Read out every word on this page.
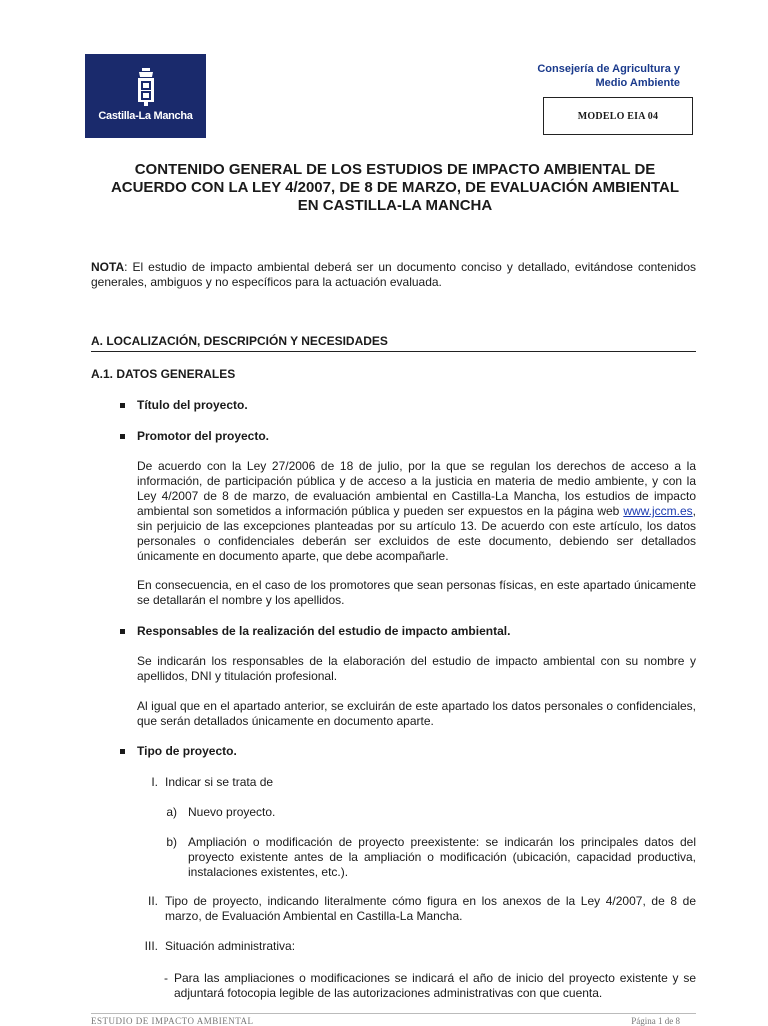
Castilla-La Mancha
Consejería de Agricultura y
Medio Ambiente
MODELO EIA 04
CONTENIDO GENERAL DE LOS ESTUDIOS DE IMPACTO AMBIENTAL DE
ACUERDO CON LA LEY 4/2007, DE 8 DE MARZO, DE EVALUACIÓN AMBIENTAL
EN CASTILLA-LA MANCHA
NOTA: El estudio de impacto ambiental deberá ser un documento conciso y detallado, evitándose contenidos generales, ambiguos y no específicos para la actuación evaluada.
A. LOCALIZACIÓN, DESCRIPCIÓN Y NECESIDADES
A.1. DATOS GENERALES
Título del proyecto.
Promotor del proyecto.
De acuerdo con la Ley 27/2006 de 18 de julio, por la que se regulan los derechos de acceso a la información, de participación pública y de acceso a la justicia en materia de medio ambiente, y con la Ley 4/2007 de 8 de marzo, de evaluación ambiental en Castilla-La Mancha, los estudios de impacto ambiental son sometidos a información pública y pueden ser expuestos en la página web www.jccm.es, sin perjuicio de las excepciones planteadas por su artículo 13. De acuerdo con este artículo, los datos personales o confidenciales deberán ser excluidos de este documento, debiendo ser detallados únicamente en documento aparte, que debe acompañarle.
En consecuencia, en el caso de los promotores que sean personas físicas, en este apartado únicamente se detallarán el nombre y los apellidos.
Responsables de la realización del estudio de impacto ambiental.
Se indicarán los responsables de la elaboración del estudio de impacto ambiental con su nombre y apellidos, DNI y titulación profesional.
Al igual que en el apartado anterior, se excluirán de este apartado los datos personales o confidenciales, que serán detallados únicamente en documento aparte.
Tipo de proyecto.
I. Indicar si se trata de
a) Nuevo proyecto.
b) Ampliación o modificación de proyecto preexistente: se indicarán los principales datos del proyecto existente antes de la ampliación o modificación (ubicación, capacidad productiva, instalaciones existentes, etc.).
II. Tipo de proyecto, indicando literalmente cómo figura en los anexos de la Ley 4/2007, de 8 de marzo, de Evaluación Ambiental en Castilla-La Mancha.
III. Situación administrativa:
- Para las ampliaciones o modificaciones se indicará el año de inicio del proyecto existente y se adjuntará fotocopia legible de las autorizaciones administrativas con que cuenta.
ESTUDIO DE IMPACTO AMBIENTAL	Página 1 de 8
